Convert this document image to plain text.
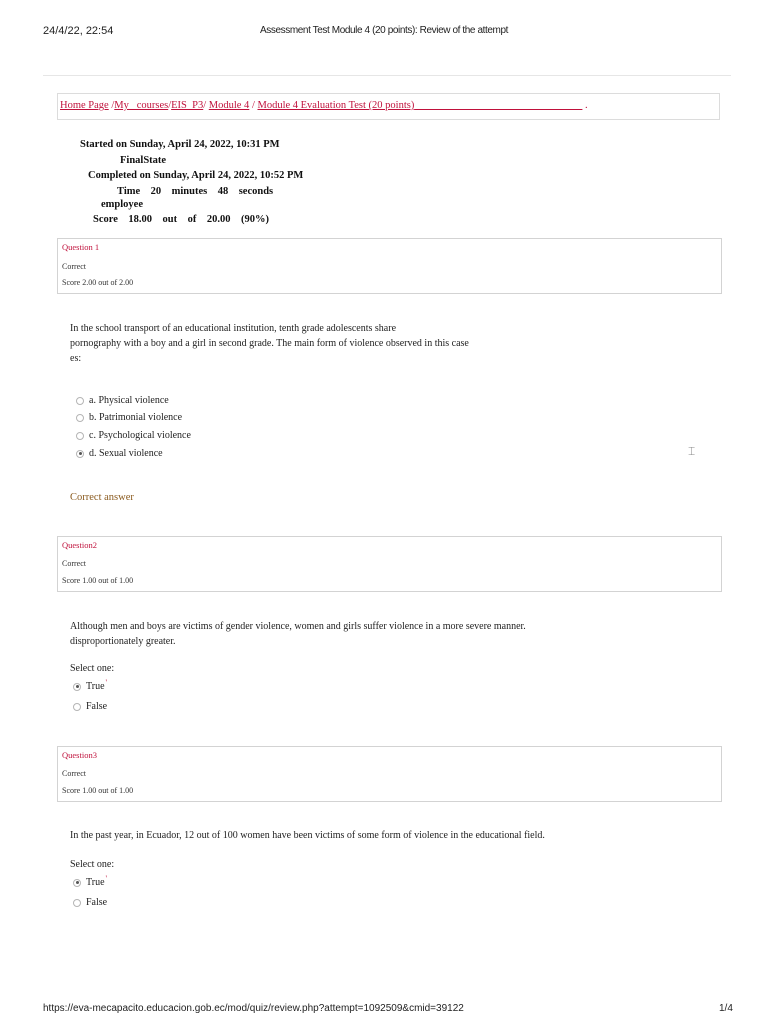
24/4/22, 22:54	Assessment Test Module 4 (20 points): Review of the attempt
Home Page /My _courses/EIS_P3/ Module 4 / Module 4 Evaluation Test (20 points)_____________________ ___ _______ .
Started on Sunday, April 24, 2022, 10:31 PM
FinalState
Completed on Sunday, April 24, 2022, 10:52 PM
Time    20    minutes    48    seconds
employee
Score    18.00    out    of    20.00    (90%)
Question 1
Correct
Score 2.00 out of 2.00
In the school transport of an educational institution, tenth grade adolescents share
pornography with a boy and a girl in second grade. The main form of violence observed in this case
es:
a. Physical violence
b. Patrimonial violence
c. Psychological violence
d. Sexual violence	⌶
Correct answer
Question2
Correct
Score 1.00 out of 1.00
Although men and boys are victims of gender violence, women and girls suffer violence in a more severe manner.
disproportionately greater.
Select one:
True '
False
Question3
Correct
Score 1.00 out of 1.00
In the past year, in Ecuador, 12 out of 100 women have been victims of some form of violence in the educational field.
Select one:
True '
False
https://eva-mecapacito.educacion.gob.ec/mod/quiz/review.php?attempt=1092509&cmid=39122	1/4
